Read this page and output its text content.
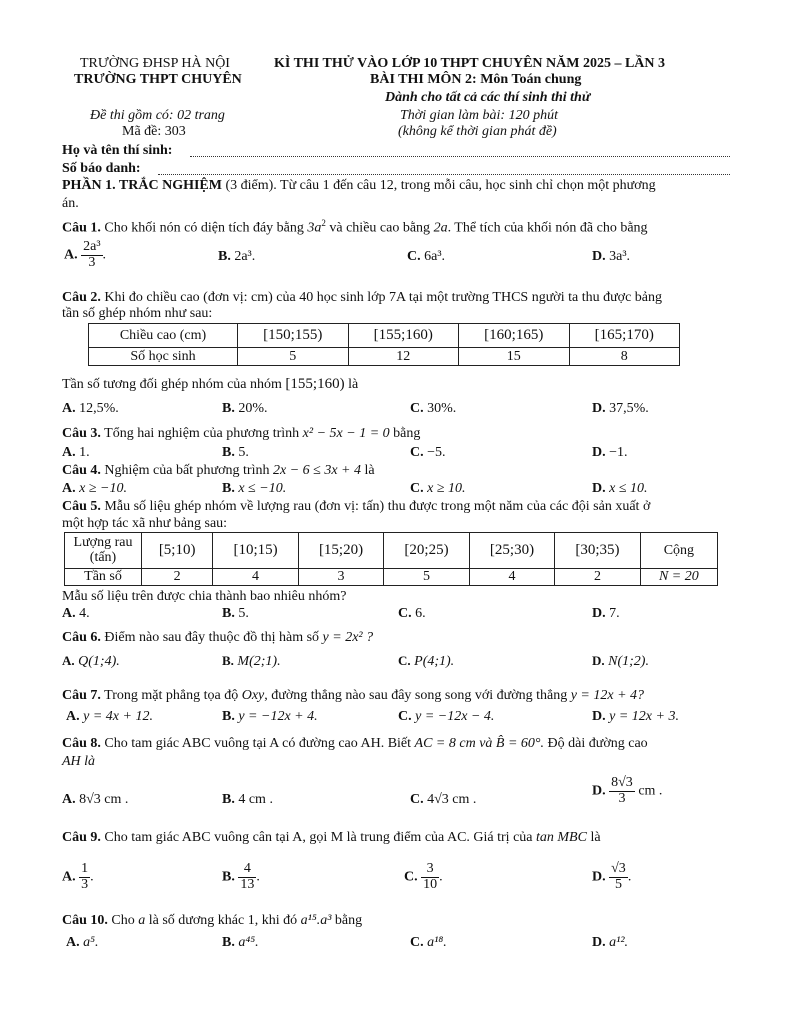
TRƯỜNG ĐHSP HÀ NỘI
TRƯỜNG THPT CHUYÊN
KÌ THI THỬ VÀO LỚP 10 THPT CHUYÊN NĂM 2025 – LẦN 3
BÀI THI MÔN 2: Môn Toán chung
Dành cho tất cả các thí sinh thi thử
Đề thi gồm có: 02 trang
Mã đề: 303
Thời gian làm bài: 120 phút
(không kể thời gian phát đề)
Họ và tên thí sinh:
Số báo danh:
PHẦN 1. TRẮC NGHIỆM (3 điểm). Từ câu 1 đến câu 12, trong mỗi câu, học sinh chỉ chọn một phương
án.
Câu 1. Cho khối nón có diện tích đáy bằng $3a^2$ và chiều cao bằng 2a. Thể tích của khối nón đã cho bằng
A. $\frac{\text{2a³}}{3}$ .	B. 2a³.	C. 6a³.	D. 3a³.
Câu 2. Khi đo chiều cao (đơn vị: cm) của 40 học sinh lớp 7A tại một trường THCS người ta thu được bảng
tần số ghép nhóm như sau:
Chiều cao (cm)	[150;155)	[155;160)	[160;165)	[165;170)
Số học sinh	5	12	15	8
Tần số tương đối ghép nhóm của nhóm [155;160) là
A. 12,5%.	B. 20%.	C. 30%.	D. 37,5%.
Câu 3. Tổng hai nghiệm của phương trình x² − 5x − 1 = 0 bằng
A. 1.	B. 5.	C. −5.	D. −1.
Câu 4. Nghiệm của bất phương trình 2x − 6 ≤ 3x + 4 là
A. x ≥ −10.	B. x ≤ −10.	C. x ≥ 10.	D. x ≤ 10.
Câu 5. Mẫu số liệu ghép nhóm về lượng rau (đơn vị: tấn) thu được trong một năm của các đội sản xuất ở
một hợp tác xã như bảng sau:
Lượng rau
(tấn)	[5;10)	[10;15)	[15;20)	[20;25)	[25;30)	[30;35)	Cộng
Tần số	2	4	3	5	4	2	N = 20
Mẫu số liệu trên được chia thành bao nhiêu nhóm?
A. 4.	B. 5.	C. 6.	D. 7.
Câu 6. Điểm nào sau đây thuộc đồ thị hàm số y = 2x² ?
A. Q(1;4).	B. M(2;1).	C. P(4;1).	D. N(1;2).
Câu 7. Trong mặt phẳng tọa độ Oxy, đường thẳng nào sau đây song song với đường thẳng y = 12x + 4?
A. y = 4x + 12.	B. y = −12x + 4.	C. y = −12x − 4.	D. y = 12x + 3.
Câu 8. Cho tam giác ABC vuông tại A có đường cao AH. Biết AC = 8 cm và B̂ = 60°. Độ dài đường cao
AH là
A. 8√3 cm .	B. 4 cm .	C. 4√3 cm .
D. $\frac{8√3}{3}$ cm .
Câu 9. Cho tam giác ABC vuông cân tại A, gọi M là trung điểm của AC. Giá trị của tan MBC là
A. $\frac{1}{3}$ .	B. $\frac{4}{13}$ .	C. $\frac{3}{10}$ .	D. $\frac{√3}{5}$ .
Câu 10. Cho a là số dương khác 1, khi đó a¹⁵.a³ bằng
A. a⁵.	B. a⁴⁵.	C. a¹⁸.	D. a¹².
